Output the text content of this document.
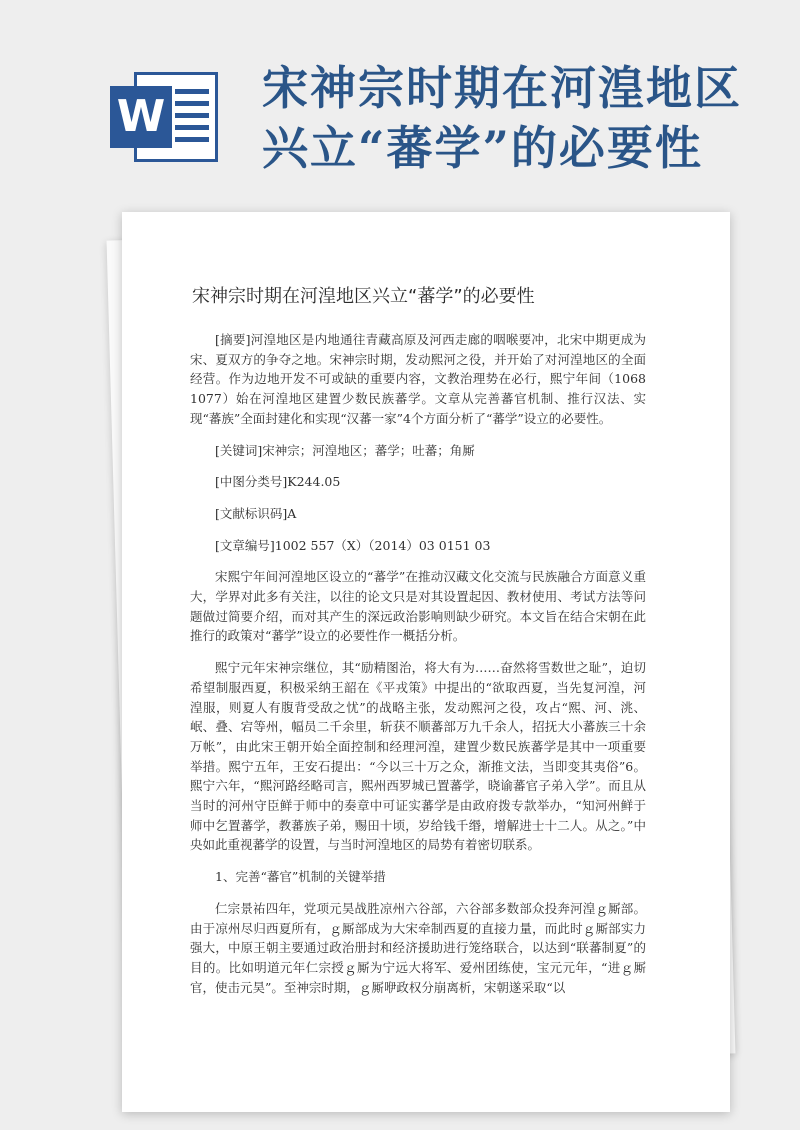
W
宋神宗时期在河湟地区
兴立“蕃学”的必要性
宋神宗时期在河湟地区兴立“蕃学”的必要性

[摘要]河湟地区是内地通往青藏高原及河西走廊的咽喉要冲，北宋中期更成为宋、夏双方的争夺之地。宋神宗时期，发动熙河之役，并开始了对河湟地区的全面经营。作为边地开发不可或缺的重要内容，文教治理势在必行，熙宁年间（1068 1077）始在河湟地区建置少数民族蕃学。文章从完善蕃官机制、推行汉法、实现“蕃族”全面封建化和实现“汉蕃一家”4个方面分析了“蕃学”设立的必要性。

[关键词]宋神宗；河湟地区；蕃学；吐蕃；角厮

[中图分类号]K244.05

[文献标识码]A

[文章编号]1002 557（X）（2014）03 0151 03

宋熙宁年间河湟地区设立的“蕃学”在推动汉藏文化交流与民族融合方面意义重大，学界对此多有关注，以往的论文只是对其设置起因、教材使用、考试方法等问题做过简要介绍，而对其产生的深远政治影响则缺少研究。本文旨在结合宋朝在此推行的政策对“蕃学”设立的必要性作一概括分析。

熙宁元年宋神宗继位，其“励精图治，将大有为……奋然将雪数世之耻”，迫切希望制服西夏，积极采纳王韶在《平戎策》中提出的“欲取西夏，当先复河湟，河湟服，则夏人有腹背受敌之忧”的战略主张，发动熙河之役，攻占“熙、河、洮、岷、叠、宕等州，幅员二千余里，斩获不顺蕃部万九千余人，招抚大小蕃族三十余万帐”，由此宋王朝开始全面控制和经理河湟，建置少数民族蕃学是其中一项重要举措。熙宁五年，王安石提出：“今以三十万之众，渐推文法，当即变其夷俗”6。熙宁六年，“熙河路经略司言，熙州西罗城已置蕃学，晓谕蕃官子弟入学”。而且从当时的河州守臣鲜于师中的奏章中可证实蕃学是由政府拨专款举办，“知河州鲜于师中乞置蕃学，教蕃族子弟，赐田十顷，岁给钱千缗，增解进士十二人。从之。”中央如此重视蕃学的设置，与当时河湟地区的局势有着密切联系。

1、完善“蕃官”机制的关键举措

仁宗景祐四年，党项元昊战胜凉州六谷部，六谷部多数部众投奔河湟ｇ厮部。由于凉州尽归西夏所有，ｇ厮部成为大宋牵制西夏的直接力量，而此时ｇ厮部实力强大，中原王朝主要通过政治册封和经济援助进行笼络联合，以达到“联蕃制夏”的目的。比如明道元年仁宗授ｇ厮为宁远大将军、爱州团练使，宝元元年，“进ｇ厮官，使击元昊”。至神宗时期，ｇ厮咿政权分崩离析，宋朝遂采取“以
